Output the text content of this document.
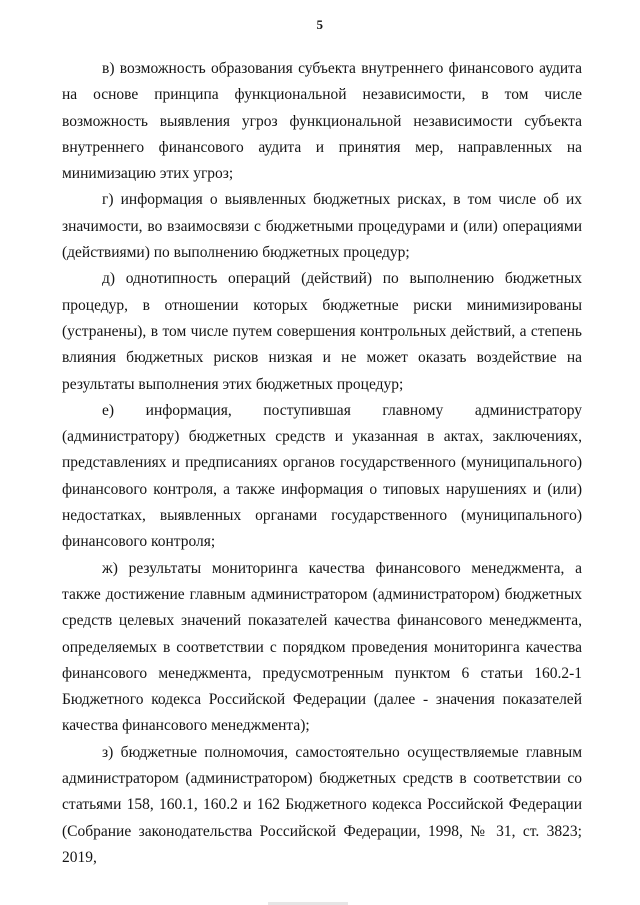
5

в) возможность образования субъекта внутреннего финансового аудита на основе принципа функциональной независимости, в том числе возможность выявления угроз функциональной независимости субъекта внутреннего финансового аудита и принятия мер, направленных на минимизацию этих угроз;

г) информация о выявленных бюджетных рисках, в том числе об их значимости, во взаимосвязи с бюджетными процедурами и (или) операциями (действиями) по выполнению бюджетных процедур;

д) однотипность операций (действий) по выполнению бюджетных процедур, в отношении которых бюджетные риски минимизированы (устранены), в том числе путем совершения контрольных действий, а степень влияния бюджетных рисков низкая и не может оказать воздействие на результаты выполнения этих бюджетных процедур;

е) информация, поступившая главному администратору (администратору) бюджетных средств и указанная в актах, заключениях, представлениях и предписаниях органов государственного (муниципального) финансового контроля, а также информация о типовых нарушениях и (или) недостатках, выявленных органами государственного (муниципального) финансового контроля;

ж) результаты мониторинга качества финансового менеджмента, а также достижение главным администратором (администратором) бюджетных средств целевых значений показателей качества финансового менеджмента, определяемых в соответствии с порядком проведения мониторинга качества финансового менеджмента, предусмотренным пунктом 6 статьи 160.2-1 Бюджетного кодекса Российской Федерации (далее - значения показателей качества финансового менеджмента);

з) бюджетные полномочия, самостоятельно осуществляемые главным администратором (администратором) бюджетных средств в соответствии со статьями 158, 160.1, 160.2 и 162 Бюджетного кодекса Российской Федерации (Собрание законодательства Российской Федерации, 1998, № 31, ст. 3823; 2019,
